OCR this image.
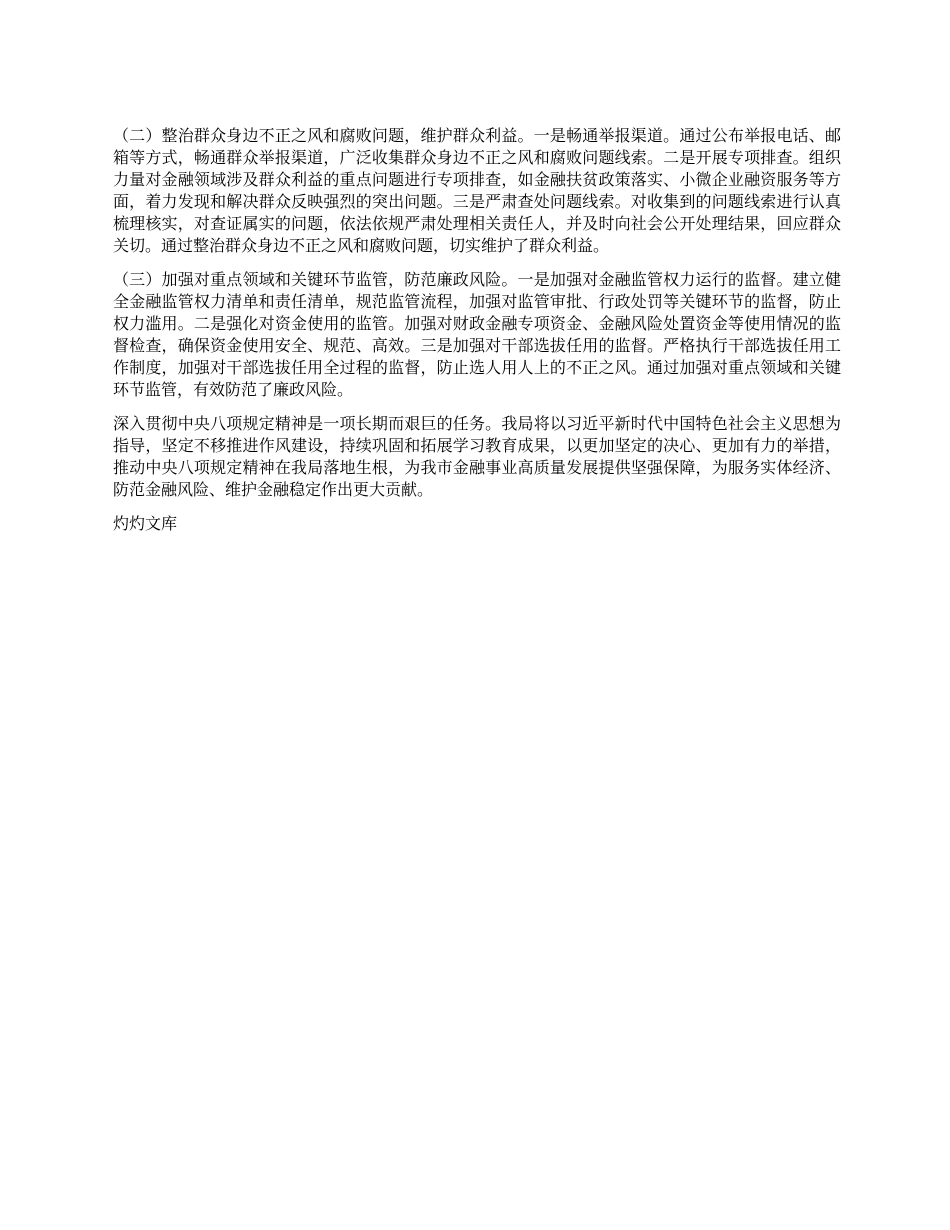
（二）整治群众身边不正之风和腐败问题，维护群众利益。一是畅通举报渠道。通过公布举报电话、邮箱等方式，畅通群众举报渠道，广泛收集群众身边不正之风和腐败问题线索。二是开展专项排查。组织力量对金融领域涉及群众利益的重点问题进行专项排查，如金融扶贫政策落实、小微企业融资服务等方面，着力发现和解决群众反映强烈的突出问题。三是严肃查处问题线索。对收集到的问题线索进行认真梳理核实，对查证属实的问题，依法依规严肃处理相关责任人，并及时向社会公开处理结果，回应群众关切。通过整治群众身边不正之风和腐败问题，切实维护了群众利益。

（三）加强对重点领域和关键环节监管，防范廉政风险。一是加强对金融监管权力运行的监督。建立健全金融监管权力清单和责任清单，规范监管流程，加强对监管审批、行政处罚等关键环节的监督，防止权力滥用。二是强化对资金使用的监管。加强对财政金融专项资金、金融风险处置资金等使用情况的监督检查，确保资金使用安全、规范、高效。三是加强对干部选拔任用的监督。严格执行干部选拔任用工作制度，加强对干部选拔任用全过程的监督，防止选人用人上的不正之风。通过加强对重点领域和关键环节监管，有效防范了廉政风险。

深入贯彻中央八项规定精神是一项长期而艰巨的任务。我局将以习近平新时代中国特色社会主义思想为指导，坚定不移推进作风建设，持续巩固和拓展学习教育成果，以更加坚定的决心、更加有力的举措，推动中央八项规定精神在我局落地生根，为我市金融事业高质量发展提供坚强保障，为服务实体经济、防范金融风险、维护金融稳定作出更大贡献。

灼灼文库
